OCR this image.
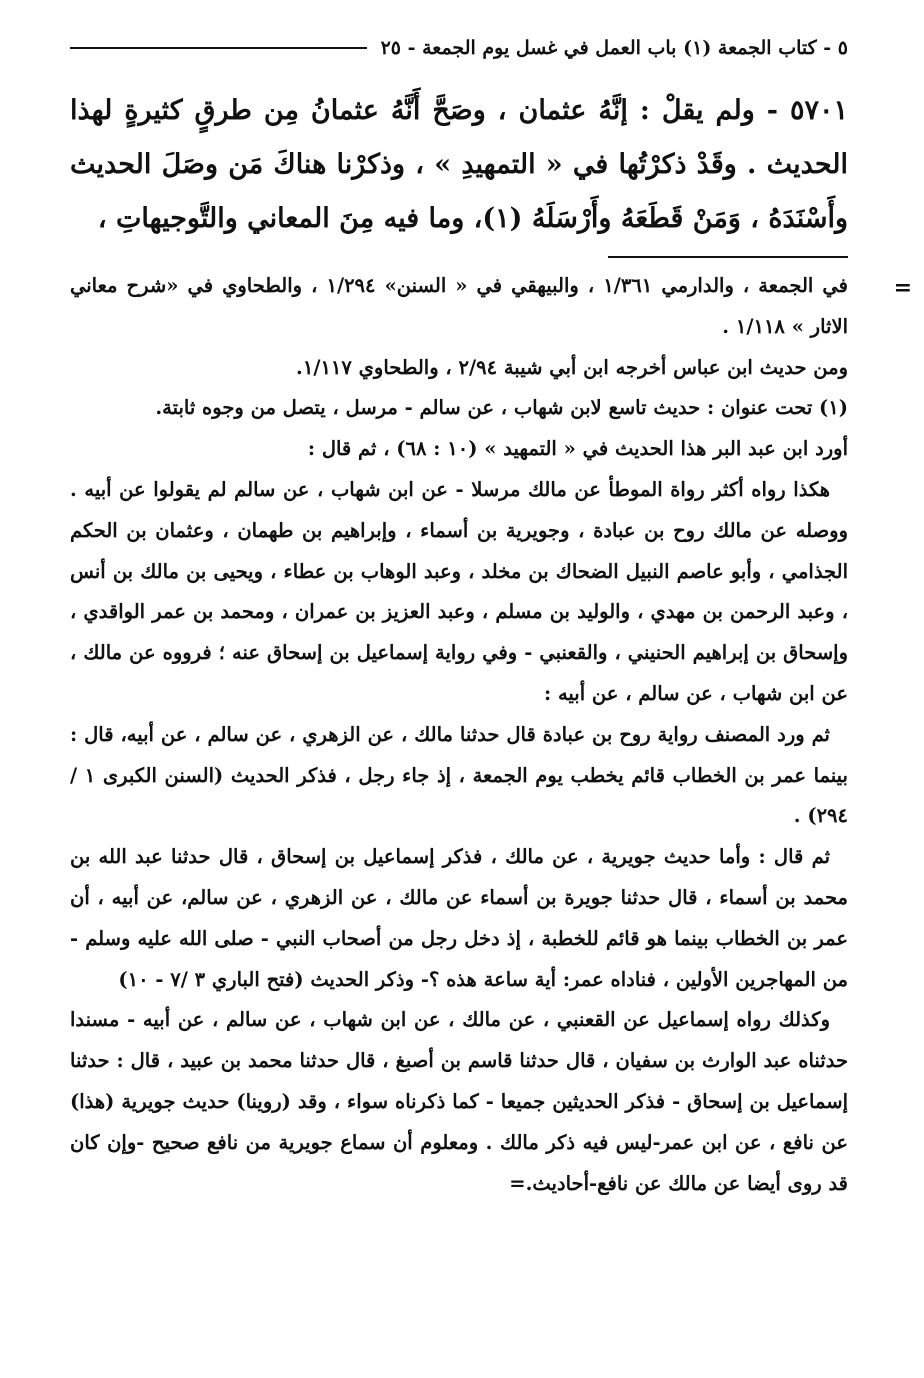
٥ - كتاب الجمعة (١) باب العمل في غسل يوم الجمعة - ٢٥

٥٧٠١ - ولم يقلْ : إنَّهُ عثمان ، وصَحَّ أَنَّهُ عثمانُ مِن طرقٍ كثيرةٍ لهذا الحديث . وقَدْ ذكرْتُها في « التمهيدِ » ، وذكرْنا هناكَ مَن وصَلَ الحديث وأَسْنَدَهُ ، وَمَنْ قَطَعَهُ وأَرْسَلَهُ (١)، وما فيه مِنَ المعاني والتَّوجيهاتِ ،

=

في الجمعة ، والدارمي ١/٣٦١ ، والبيهقي في « السنن» ١/٢٩٤ ، والطحاوي في «شرح معاني الاثار » ١/١١٨ .

ومن حديث ابن عباس أخرجه ابن أبي شيبة ٢/٩٤ ، والطحاوي ١/١١٧.

(١) تحت عنوان : حديث تاسع لابن شهاب ، عن سالم - مرسل ، يتصل من وجوه ثابتة.

أورد ابن عبد البر هذا الحديث في « التمهيد » (١٠ : ٦٨) ، ثم قال :

هكذا رواه أكثر رواة الموطأ عن مالك مرسلا - عن ابن شهاب ، عن سالم لم يقولوا عن أبيه . ووصله عن مالك روح بن عبادة ، وجويرية بن أسماء ، وإبراهيم بن طهمان ، وعثمان بن الحكم الجذامي ، وأبو عاصم النبيل الضحاك بن مخلد ، وعبد الوهاب بن عطاء ، ويحيى بن مالك بن أنس ، وعبد الرحمن بن مهدي ، والوليد بن مسلم ، وعبد العزيز بن عمران ، ومحمد بن عمر الواقدي ، وإسحاق بن إبراهيم الحنيني ، والقعنبي - وفي رواية إسماعيل بن إسحاق عنه ؛ فرووه عن مالك ، عن ابن شهاب ، عن سالم ، عن أبيه :

ثم ورد المصنف رواية روح بن عبادة قال حدثنا مالك ، عن الزهري ، عن سالم ، عن أبيه، قال : بينما عمر بن الخطاب قائم يخطب يوم الجمعة ، إذ جاء رجل ، فذكر الحديث (السنن الكبرى ١ /٢٩٤) .

ثم قال : وأما حديث جويرية ، عن مالك ، فذكر إسماعيل بن إسحاق ، قال حدثنا عبد الله بن محمد بن أسماء ، قال حدثنا جويرة بن أسماء عن مالك ، عن الزهري ، عن سالم، عن أبيه ، أن عمر بن الخطاب بينما هو قائم للخطبة ، إذ دخل رجل من أصحاب النبي - صلى الله عليه وسلم - من المهاجرين الأولين ، فناداه عمر: أية ساعة هذه ؟- وذكر الحديث (فتح الباري ٣ /٧ - ١٠)

وكذلك رواه إسماعيل عن القعنبي ، عن مالك ، عن ابن شهاب ، عن سالم ، عن أبيه - مسندا حدثناه عبد الوارث بن سفيان ، قال حدثنا قاسم بن أصبغ ، قال حدثنا محمد بن عبيد ، قال : حدثنا إسماعيل بن إسحاق - فذكر الحديثين جميعا - كما ذكرناه سواء ، وقد (روينا) حديث جويرية (هذا) عن نافع ، عن ابن عمر-ليس فيه ذكر مالك . ومعلوم أن سماع جويرية من نافع صحيح -وإن كان قد روى أيضا عن مالك عن نافع-أحاديث.=
